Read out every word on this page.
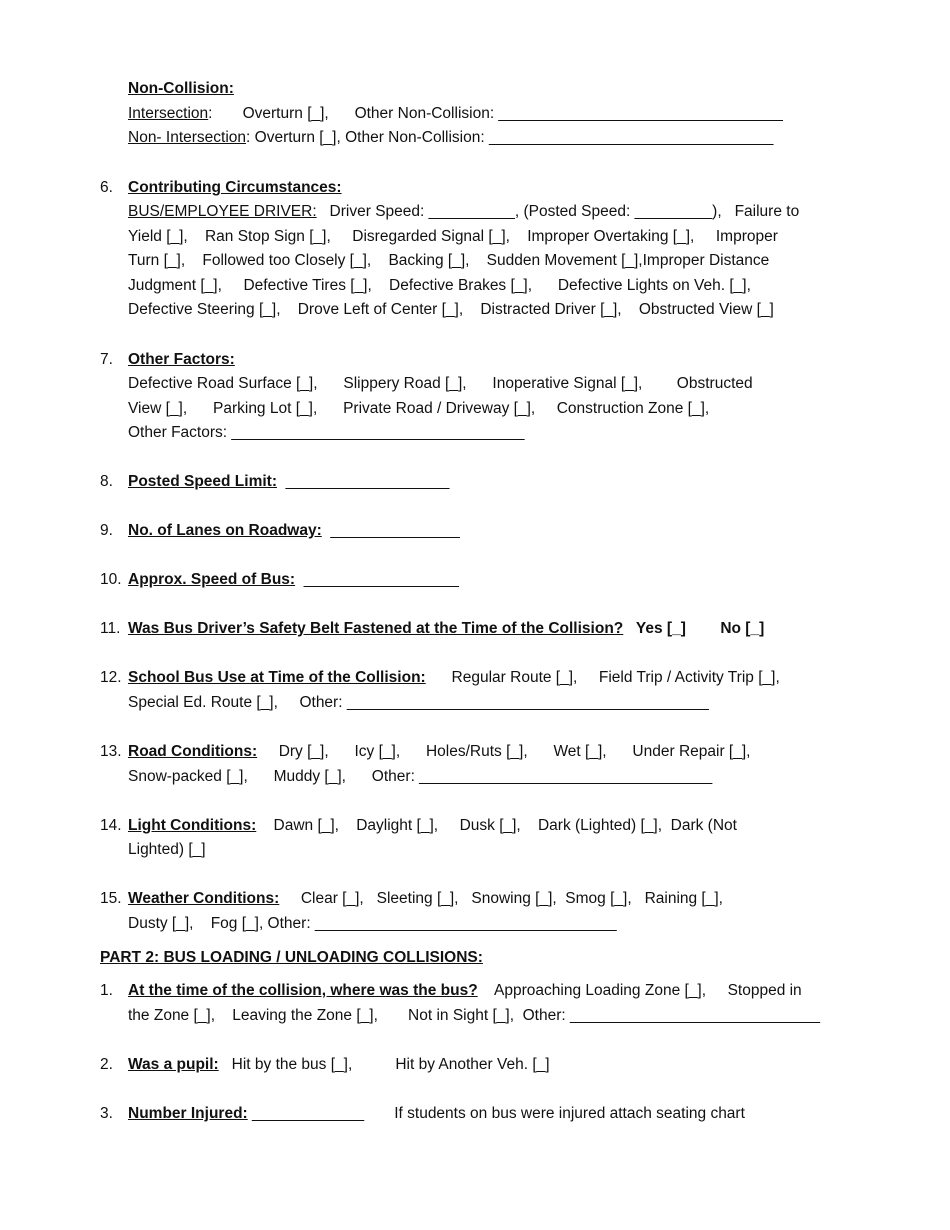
Non-Collision:
Intersection:       Overturn [_],      Other Non-Collision: _________________________________
Non- Intersection: Overturn [_], Other Non-Collision: _________________________________
6. Contributing Circumstances:
BUS/EMPLOYEE DRIVER:   Driver Speed: __________, (Posted Speed: _________),   Failure to
Yield [_],    Ran Stop Sign [_],     Disregarded Signal [_],    Improper Overtaking [_],     Improper
Turn [_],    Followed too Closely [_],    Backing [_],    Sudden Movement [_],Improper Distance
Judgment [_],     Defective Tires [_],    Defective Brakes [_],      Defective Lights on Veh. [_],
Defective Steering [_],    Drove Left of Center [_],    Distracted Driver [_],    Obstructed View [_]
7. Other Factors:
Defective Road Surface [_],      Slippery Road [_],      Inoperative Signal [_],        Obstructed
View [_],      Parking Lot [_],      Private Road / Driveway [_],     Construction Zone [_],
Other Factors: __________________________________
8. Posted Speed Limit:  ___________________
9. No. of Lanes on Roadway:  _______________
10. Approx. Speed of Bus:  __________________
11. Was Bus Driver’s Safety Belt Fastened at the Time of the Collision?   Yes [_]        No [_]
12. School Bus Use at Time of the Collision:      Regular Route [_],     Field Trip / Activity Trip [_],
Special Ed. Route [_],     Other: __________________________________________
13. Road Conditions:     Dry [_],      Icy [_],      Holes/Ruts [_],      Wet [_],      Under Repair [_],
Snow-packed [_],      Muddy [_],      Other: __________________________________
14. Light Conditions:    Dawn [_],    Daylight [_],     Dusk [_],    Dark (Lighted) [_],  Dark (Not
Lighted) [_]
15. Weather Conditions:     Clear [_],   Sleeting [_],   Snowing [_],  Smog [_],   Raining [_],
Dusty [_],    Fog [_], Other: ___________________________________
PART 2: BUS LOADING / UNLOADING COLLISIONS:
1. At the time of the collision, where was the bus?    Approaching Loading Zone [_],     Stopped in
the Zone [_],    Leaving the Zone [_],       Not in Sight [_],  Other: _____________________________
2. Was a pupil:   Hit by the bus [_],          Hit by Another Veh. [_]
3. Number Injured: _____________       If students on bus were injured attach seating chart
